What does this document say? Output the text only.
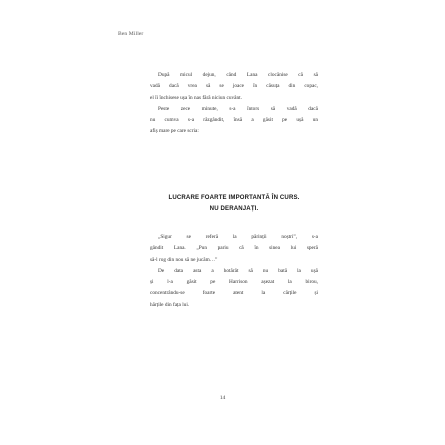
Ben Miller

După micul dejun, când Lana clocănise că să
vadă dacă vrea să se joace în căsuța din copac,
el îi închisese ușa în nas fără niciun cuvânt.

Peste zece minute, s-a întors să vadă dacă
nu cumva s-a răzgândit, însă a găsit pe ușă un
afiș mare pe care scria:

LUCRARE FOARTE IMPORTANTĂ ÎN CURS.
NU DERANJAȚI.

„Sigur se referă la părinții noștri”, s-a
gândit Lana. „Pun pariu că în sinea lui speră
să-l rog din nou să ne jucăm…”

De data asta a hotărât să nu bată la ușă
și l-a găsit pe Harrison așezat la birou,
concentrându-se foarte atent la cărțile și
hărțile din fața lui.

14
